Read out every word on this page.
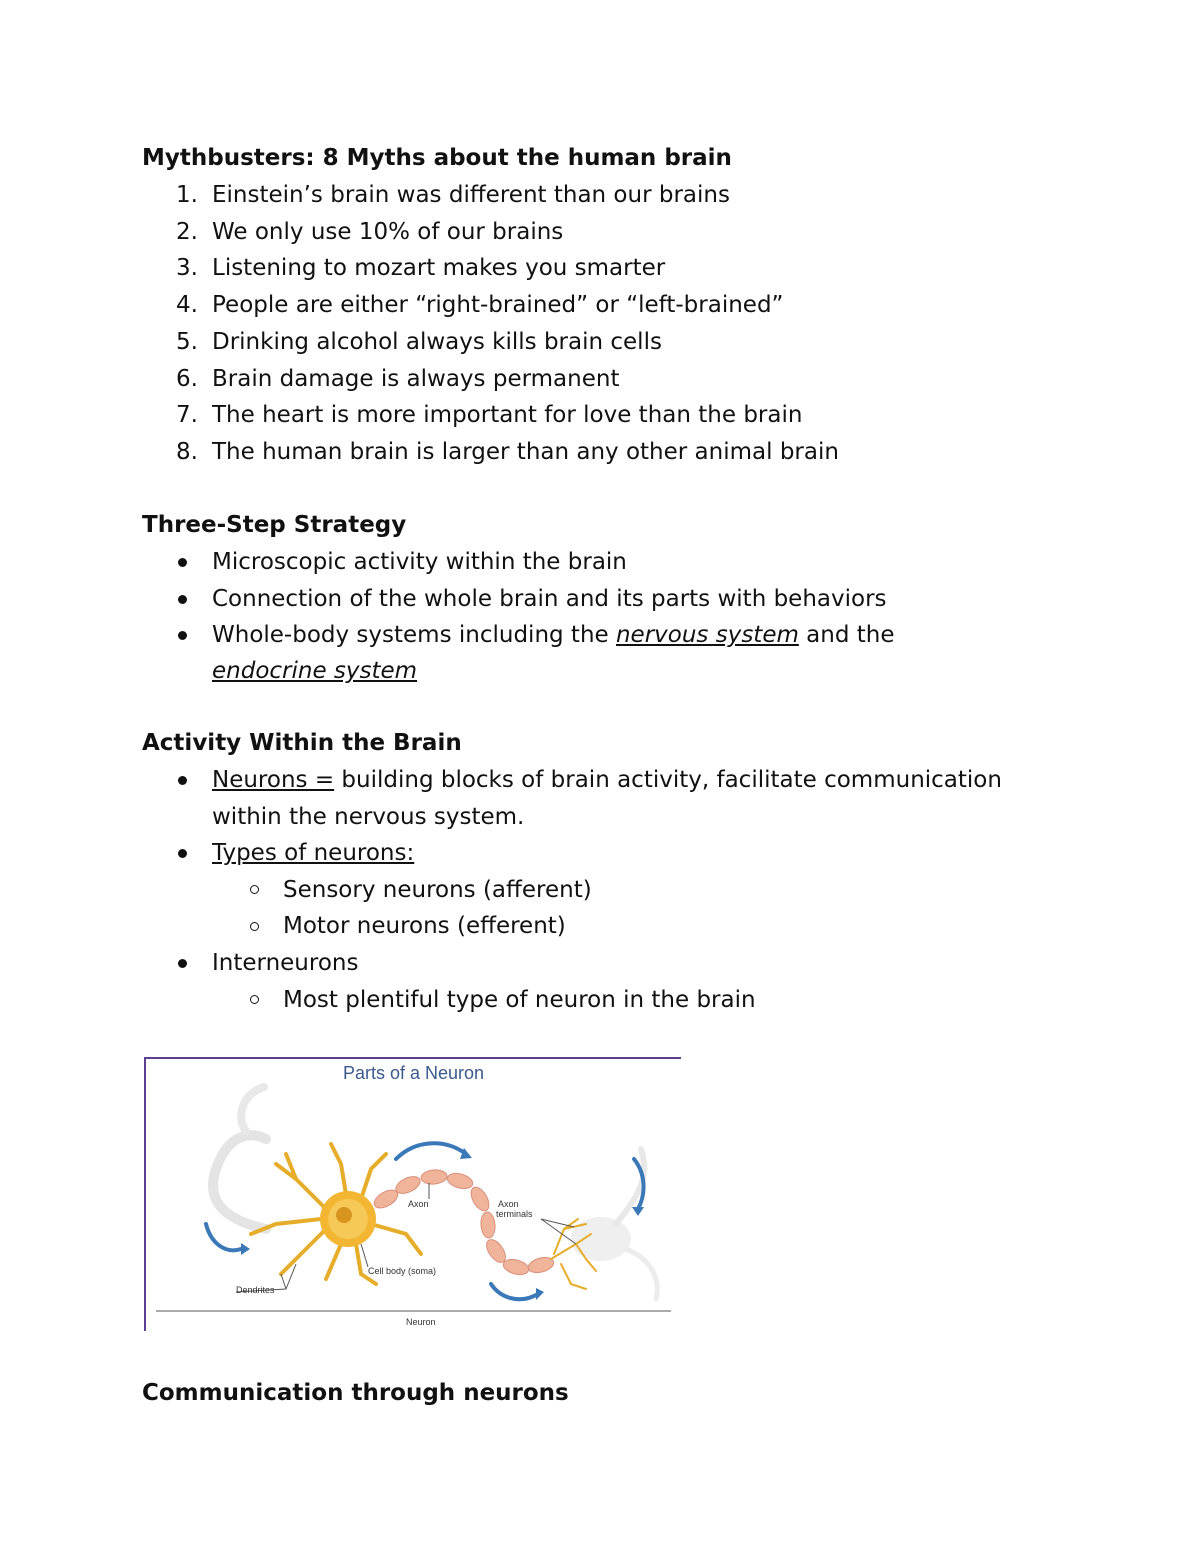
Mythbusters: 8 Myths about the human brain
1. Einstein’s brain was different than our brains
2. We only use 10% of our brains
3. Listening to mozart makes you smarter
4. People are either “right-brained” or “left-brained”
5. Drinking alcohol always kills brain cells
6. Brain damage is always permanent
7. The heart is more important for love than the brain
8. The human brain is larger than any other animal brain
Three-Step Strategy
Microscopic activity within the brain
Connection of the whole brain and its parts with behaviors
Whole-body systems including the nervous system and the
endocrine system
Activity Within the Brain
Neurons = building blocks of brain activity, facilitate communication
within the nervous system.
Types of neurons:
Sensory neurons (afferent)
Motor neurons (efferent)
Interneurons
Most plentiful type of neuron in the brain
Parts of a Neuron
Axon	Axon
terminals
Cell body (soma)
Dendrites
Neuron
Communication through neurons
